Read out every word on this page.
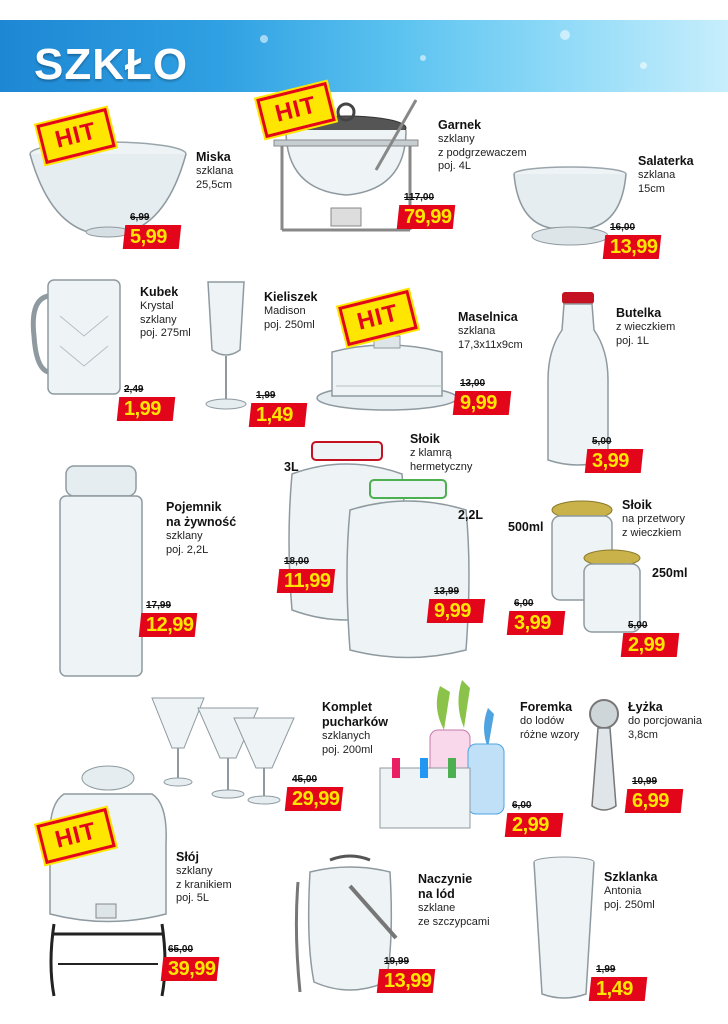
SZKŁO
HIT
Miska
szklana
25,5cm
6,99
5,99
HIT	Garnek
szklany
z podgrzewaczem
poj. 4L
117,00
79,99
Salaterka
szklana
15cm
16,00
13,99
Kubek
Krystal
szklany
poj. 275ml
2,49
1,99
Kieliszek
Madison
poj. 250ml
1,99
1,49
HIT	Maselnica
szklana
17,3x11x9cm
13,00
9,99
Butelka
z wieczkiem
poj. 1L
5,00
3,99
Pojemnik
na żywność
szklany
poj. 2,2L
17,99
12,99
Słoik
z klamrą
hermetyczny
3L
2,2L
18,00
11,99	13,99
9,99
Słoik
na przetwory
z wieczkiem
500ml
250ml
6,00
3,99	5,00
2,99
Komplet
pucharków
szklanych
poj. 200ml
45,00
29,99
Foremka
do lodów
różne wzory
6,00
2,99
Łyżka
do porcjowania
3,8cm
10,99
6,99
HIT
Słój
szklany
z kranikiem
poj. 5L
65,00
39,99
Naczynie
na lód
szklane
ze szczypcami
19,99
13,99
Szklanka
Antonia
poj. 250ml
1,99
1,49
